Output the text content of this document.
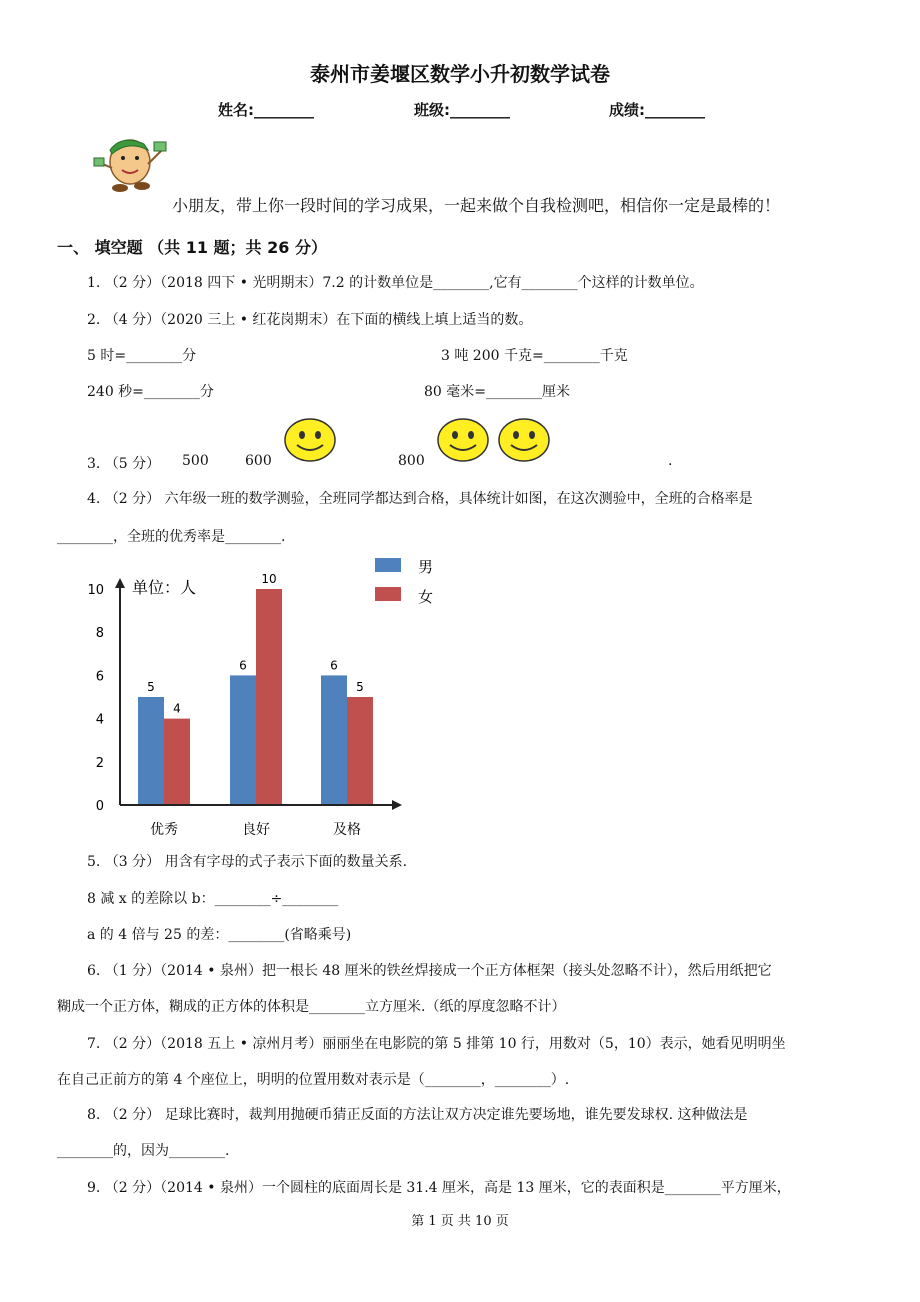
泰州市姜堰区数学小升初数学试卷
姓名:________	班级:________	成绩:________
小朋友，带上你一段时间的学习成果，一起来做个自我检测吧，相信你一定是最棒的！
一、 填空题 （共 11 题；共 26 分）
1. （2 分）（2018 四下 • 光明期末）7.2 的计数单位是________,它有________个这样的计数单位。
2. （4 分）（2020 三上 • 红花岗期末）在下面的横线上填上适当的数。
5 时=________分	3 吨 200 千克=________千克
240 秒=________分	80 毫米=________厘米
3. （5 分） 500	600	800	.
4. （2 分） 六年级一班的数学测验，全班同学都达到合格，具体统计如图，在这次测验中，全班的合格率是
________，全班的优秀率是________.
单位：人
0
2
4
6
8
10
5
4
6
10
6
5
优秀	良好	及格
男
女
5. （3 分） 用含有字母的式子表示下面的数量关系.
8 减 x 的差除以 b：________÷________
a 的 4 倍与 25 的差：________(省略乘号)
6. （1 分）（2014 • 泉州）把一根长 48 厘米的铁丝焊接成一个正方体框架（接头处忽略不计），然后用纸把它
糊成一个正方体，糊成的正方体的体积是________立方厘米.（纸的厚度忽略不计）
7. （2 分）（2018 五上 • 凉州月考）丽丽坐在电影院的第 5 排第 10 行，用数对（5，10）表示，她看见明明坐
在自己正前方的第 4 个座位上，明明的位置用数对表示是（________，________）.
8. （2 分） 足球比赛时，裁判用抛硬币猜正反面的方法让双方决定谁先要场地，谁先要发球权. 这种做法是
________的，因为________.
9. （2 分）（2014 • 泉州）一个圆柱的底面周长是 31.4 厘米，高是 13 厘米，它的表面积是________平方厘米，
第 1 页 共 10 页
